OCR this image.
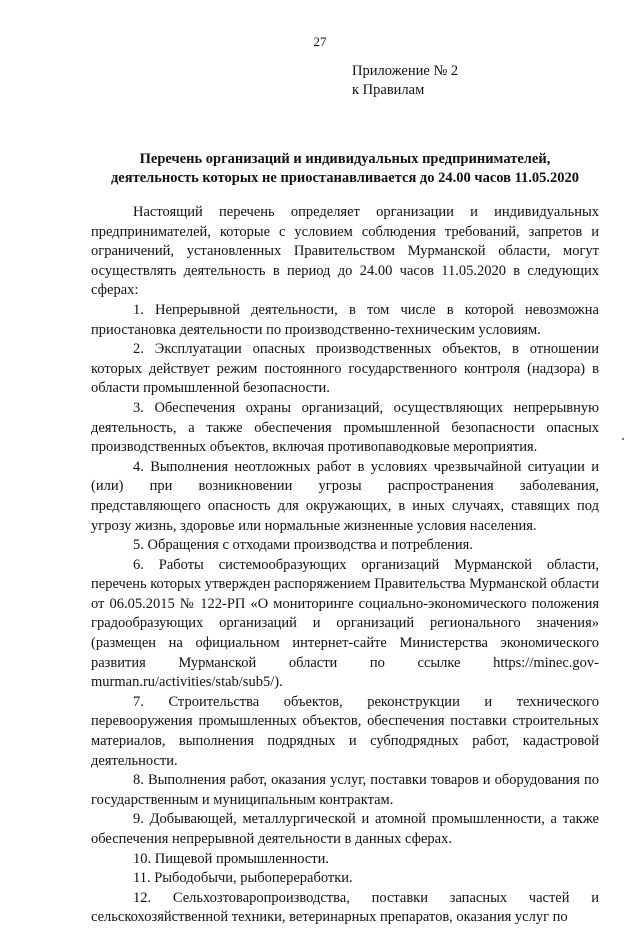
27
Приложение № 2
к Правилам
Перечень организаций и индивидуальных предпринимателей,
деятельность которых не приостанавливается до 24.00 часов 11.05.2020

Настоящий перечень определяет организации и индивидуальных предпринимателей, которые с условием соблюдения требований, запретов и ограничений, установленных Правительством Мурманской области, могут осуществлять деятельность в период до 24.00 часов 11.05.2020 в следующих сферах:

1. Непрерывной деятельности, в том числе в которой невозможна приостановка деятельности по производственно-техническим условиям.

2. Эксплуатации опасных производственных объектов, в отношении которых действует режим постоянного государственного контроля (надзора) в области промышленной безопасности.

3. Обеспечения охраны организаций, осуществляющих непрерывную деятельность, а также обеспечения промышленной безопасности опасных производственных объектов, включая противопаводковые мероприятия.

4. Выполнения неотложных работ в условиях чрезвычайной ситуации и (или) при возникновении угрозы распространения заболевания, представляющего опасность для окружающих, в иных случаях, ставящих под угрозу жизнь, здоровье или нормальные жизненные условия населения.

5. Обращения с отходами производства и потребления.

6. Работы системообразующих организаций Мурманской области, перечень которых утвержден распоряжением Правительства Мурманской области от 06.05.2015 № 122-РП «О мониторинге социально-экономического положения градообразующих организаций и организаций регионального значения» (размещен на официальном интернет-сайте Министерства экономического развития Мурманской области по ссылке https://minec.gov-murman.ru/activities/stab/sub5/).

7. Строительства объектов, реконструкции и технического перевооружения промышленных объектов, обеспечения поставки строительных материалов, выполнения подрядных и субподрядных работ, кадастровой деятельности.

8. Выполнения работ, оказания услуг, поставки товаров и оборудования по государственным и муниципальным контрактам.

9. Добывающей, металлургической и атомной промышленности, а также обеспечения непрерывной деятельности в данных сферах.

10. Пищевой промышленности.

11. Рыбодобычи, рыбопереработки.

12. Сельхозтоваропроизводства, поставки запасных частей и сельскохозяйственной техники, ветеринарных препаратов, оказания услуг по
